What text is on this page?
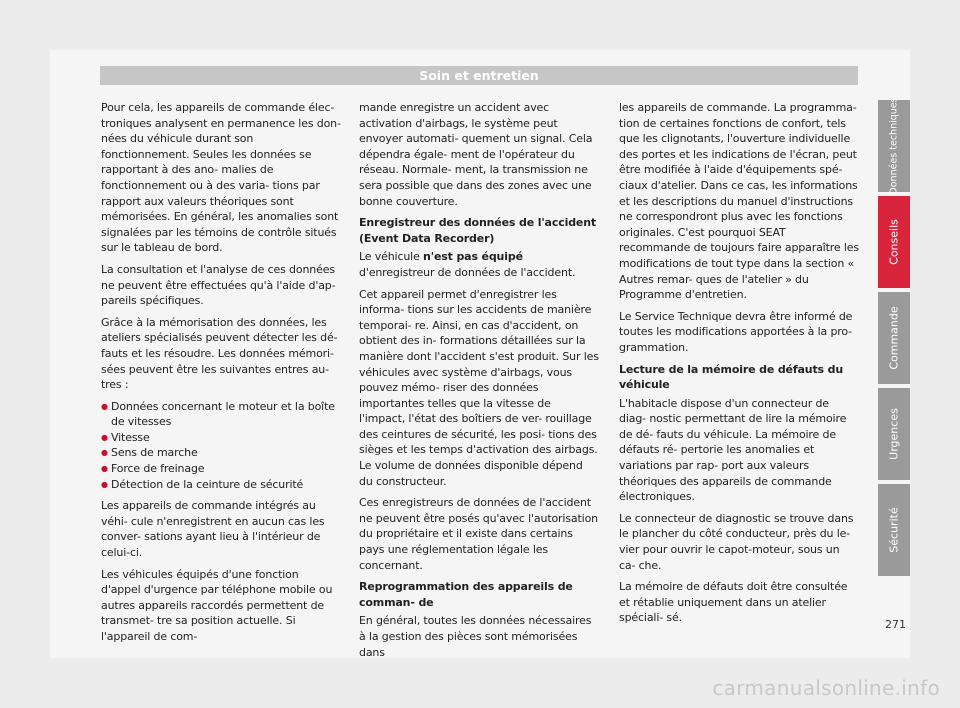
Soin et entretien

Pour cela, les appareils de commande élec- troniques analysent en permanence les don- nées du véhicule durant son fonctionnement. Seules les données se rapportant à des ano- malies de fonctionnement ou à des varia- tions par rapport aux valeurs théoriques sont mémorisées. En général, les anomalies sont signalées par les témoins de contrôle situés sur le tableau de bord.

La consultation et l'analyse de ces données ne peuvent être effectuées qu'à l'aide d'ap- pareils spécifiques.

Grâce à la mémorisation des données, les ateliers spécialisés peuvent détecter les dé- fauts et les résoudre. Les données mémori- sées peuvent être les suivantes entres au- tres :

● Données concernant le moteur et la boîte de vitesses
● Vitesse
● Sens de marche
● Force de freinage
● Détection de la ceinture de sécurité

Les appareils de commande intégrés au véhi- cule n'enregistrent en aucun cas les conver- sations ayant lieu à l'intérieur de celui-ci.

Les véhicules équipés d'une fonction d'appel d'urgence par téléphone mobile ou autres appareils raccordés permettent de transmet- tre sa position actuelle. Si l'appareil de com-

mande enregistre un accident avec activation d'airbags, le système peut envoyer automati- quement un signal. Cela dépendra égale- ment de l'opérateur du réseau. Normale- ment, la transmission ne sera possible que dans des zones avec une bonne couverture.

Enregistreur des données de l'accident (Event Data Recorder)

Le véhicule n'est pas équipé d'enregistreur de données de l'accident.

Cet appareil permet d'enregistrer les informa- tions sur les accidents de manière temporai- re. Ainsi, en cas d'accident, on obtient des in- formations détaillées sur la manière dont l'accident s'est produit. Sur les véhicules avec système d'airbags, vous pouvez mémo- riser des données importantes telles que la vitesse de l'impact, l'état des boîtiers de ver- rouillage des ceintures de sécurité, les posi- tions des sièges et les temps d'activation des airbags. Le volume de données disponible dépend du constructeur.

Ces enregistreurs de données de l'accident ne peuvent être posés qu'avec l'autorisation du propriétaire et il existe dans certains pays une réglementation légale les concernant.

Reprogrammation des appareils de comman- de

En général, toutes les données nécessaires à la gestion des pièces sont mémorisées dans

les appareils de commande. La programma- tion de certaines fonctions de confort, tels que les clignotants, l'ouverture individuelle des portes et les indications de l'écran, peut être modifiée à l'aide d'équipements spé- ciaux d'atelier. Dans ce cas, les informations et les descriptions du manuel d'instructions ne correspondront plus avec les fonctions originales. C'est pourquoi SEAT recommande de toujours faire apparaître les modifications de tout type dans la section « Autres remar- ques de l'atelier » du Programme d'entretien.

Le Service Technique devra être informé de toutes les modifications apportées à la pro- grammation.

Lecture de la mémoire de défauts du véhicule

L'habitacle dispose d'un connecteur de diag- nostic permettant de lire la mémoire de dé- fauts du véhicule. La mémoire de défauts ré- pertorie les anomalies et variations par rap- port aux valeurs théoriques des appareils de commande électroniques.

Le connecteur de diagnostic se trouve dans le plancher du côté conducteur, près du le- vier pour ouvrir le capot-moteur, sous un ca- che.

La mémoire de défauts doit être consultée et rétablie uniquement dans un atelier spéciali- sé.

Données techniques
Conseils
Commande
Urgences
Sécurité
271
carmanualsonline.info
